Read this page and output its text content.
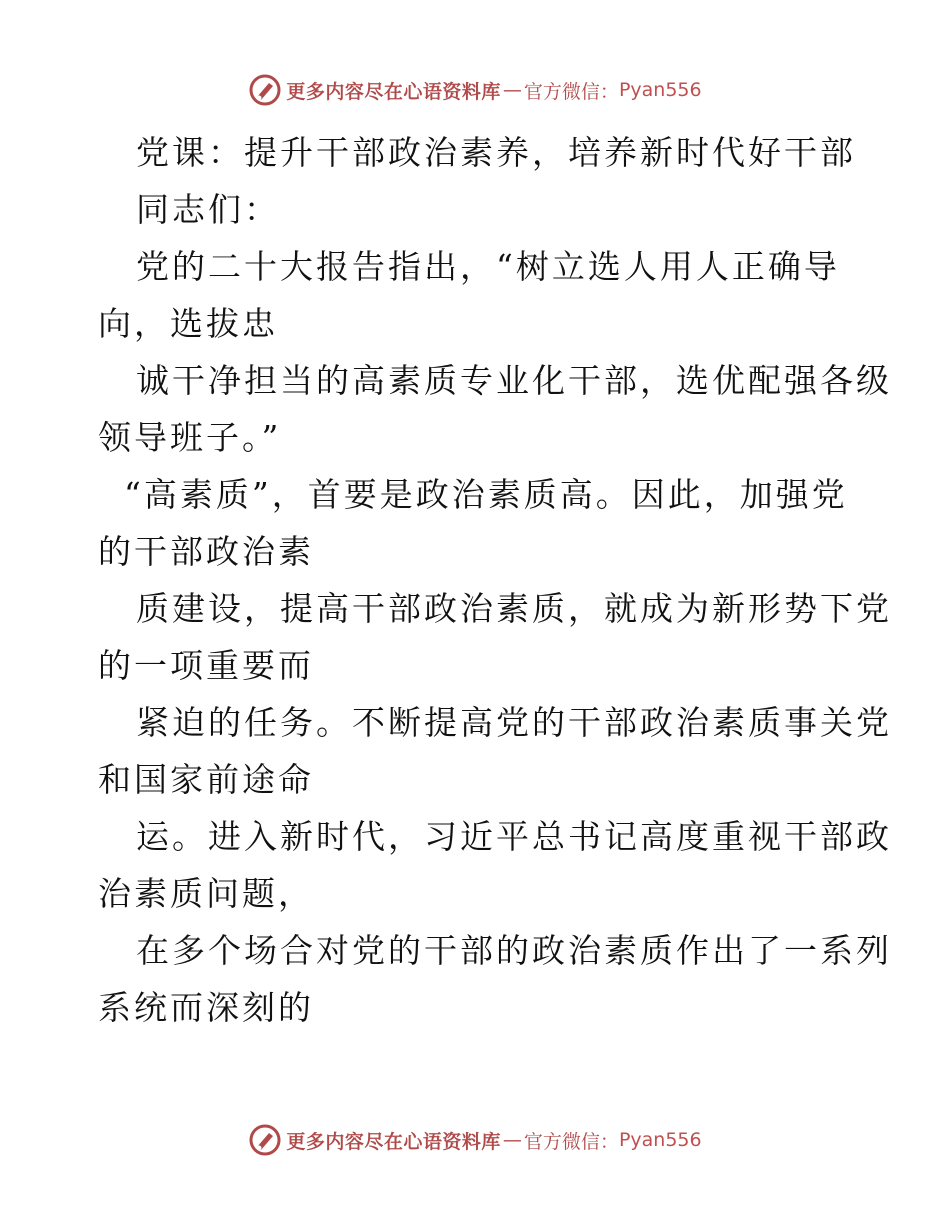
更多内容尽在心语资料库 — 官方微信： Pyan556
党课：提升干部政治素养，培养新时代好干部
同志们：
党的二十大报告指出，“树立选人用人正确导
向，选拔忠
诚干净担当的高素质专业化干部，选优配强各级
领导班子。”
“高素质”，首要是政治素质高。因此，加强党
的干部政治素
质建设，提高干部政治素质，就成为新形势下党
的一项重要而
紧迫的任务。不断提高党的干部政治素质事关党
和国家前途命
运。进入新时代，习近平总书记高度重视干部政
治素质问题，
在多个场合对党的干部的政治素质作出了一系列
系统而深刻的
更多内容尽在心语资料库 — 官方微信： Pyan556
